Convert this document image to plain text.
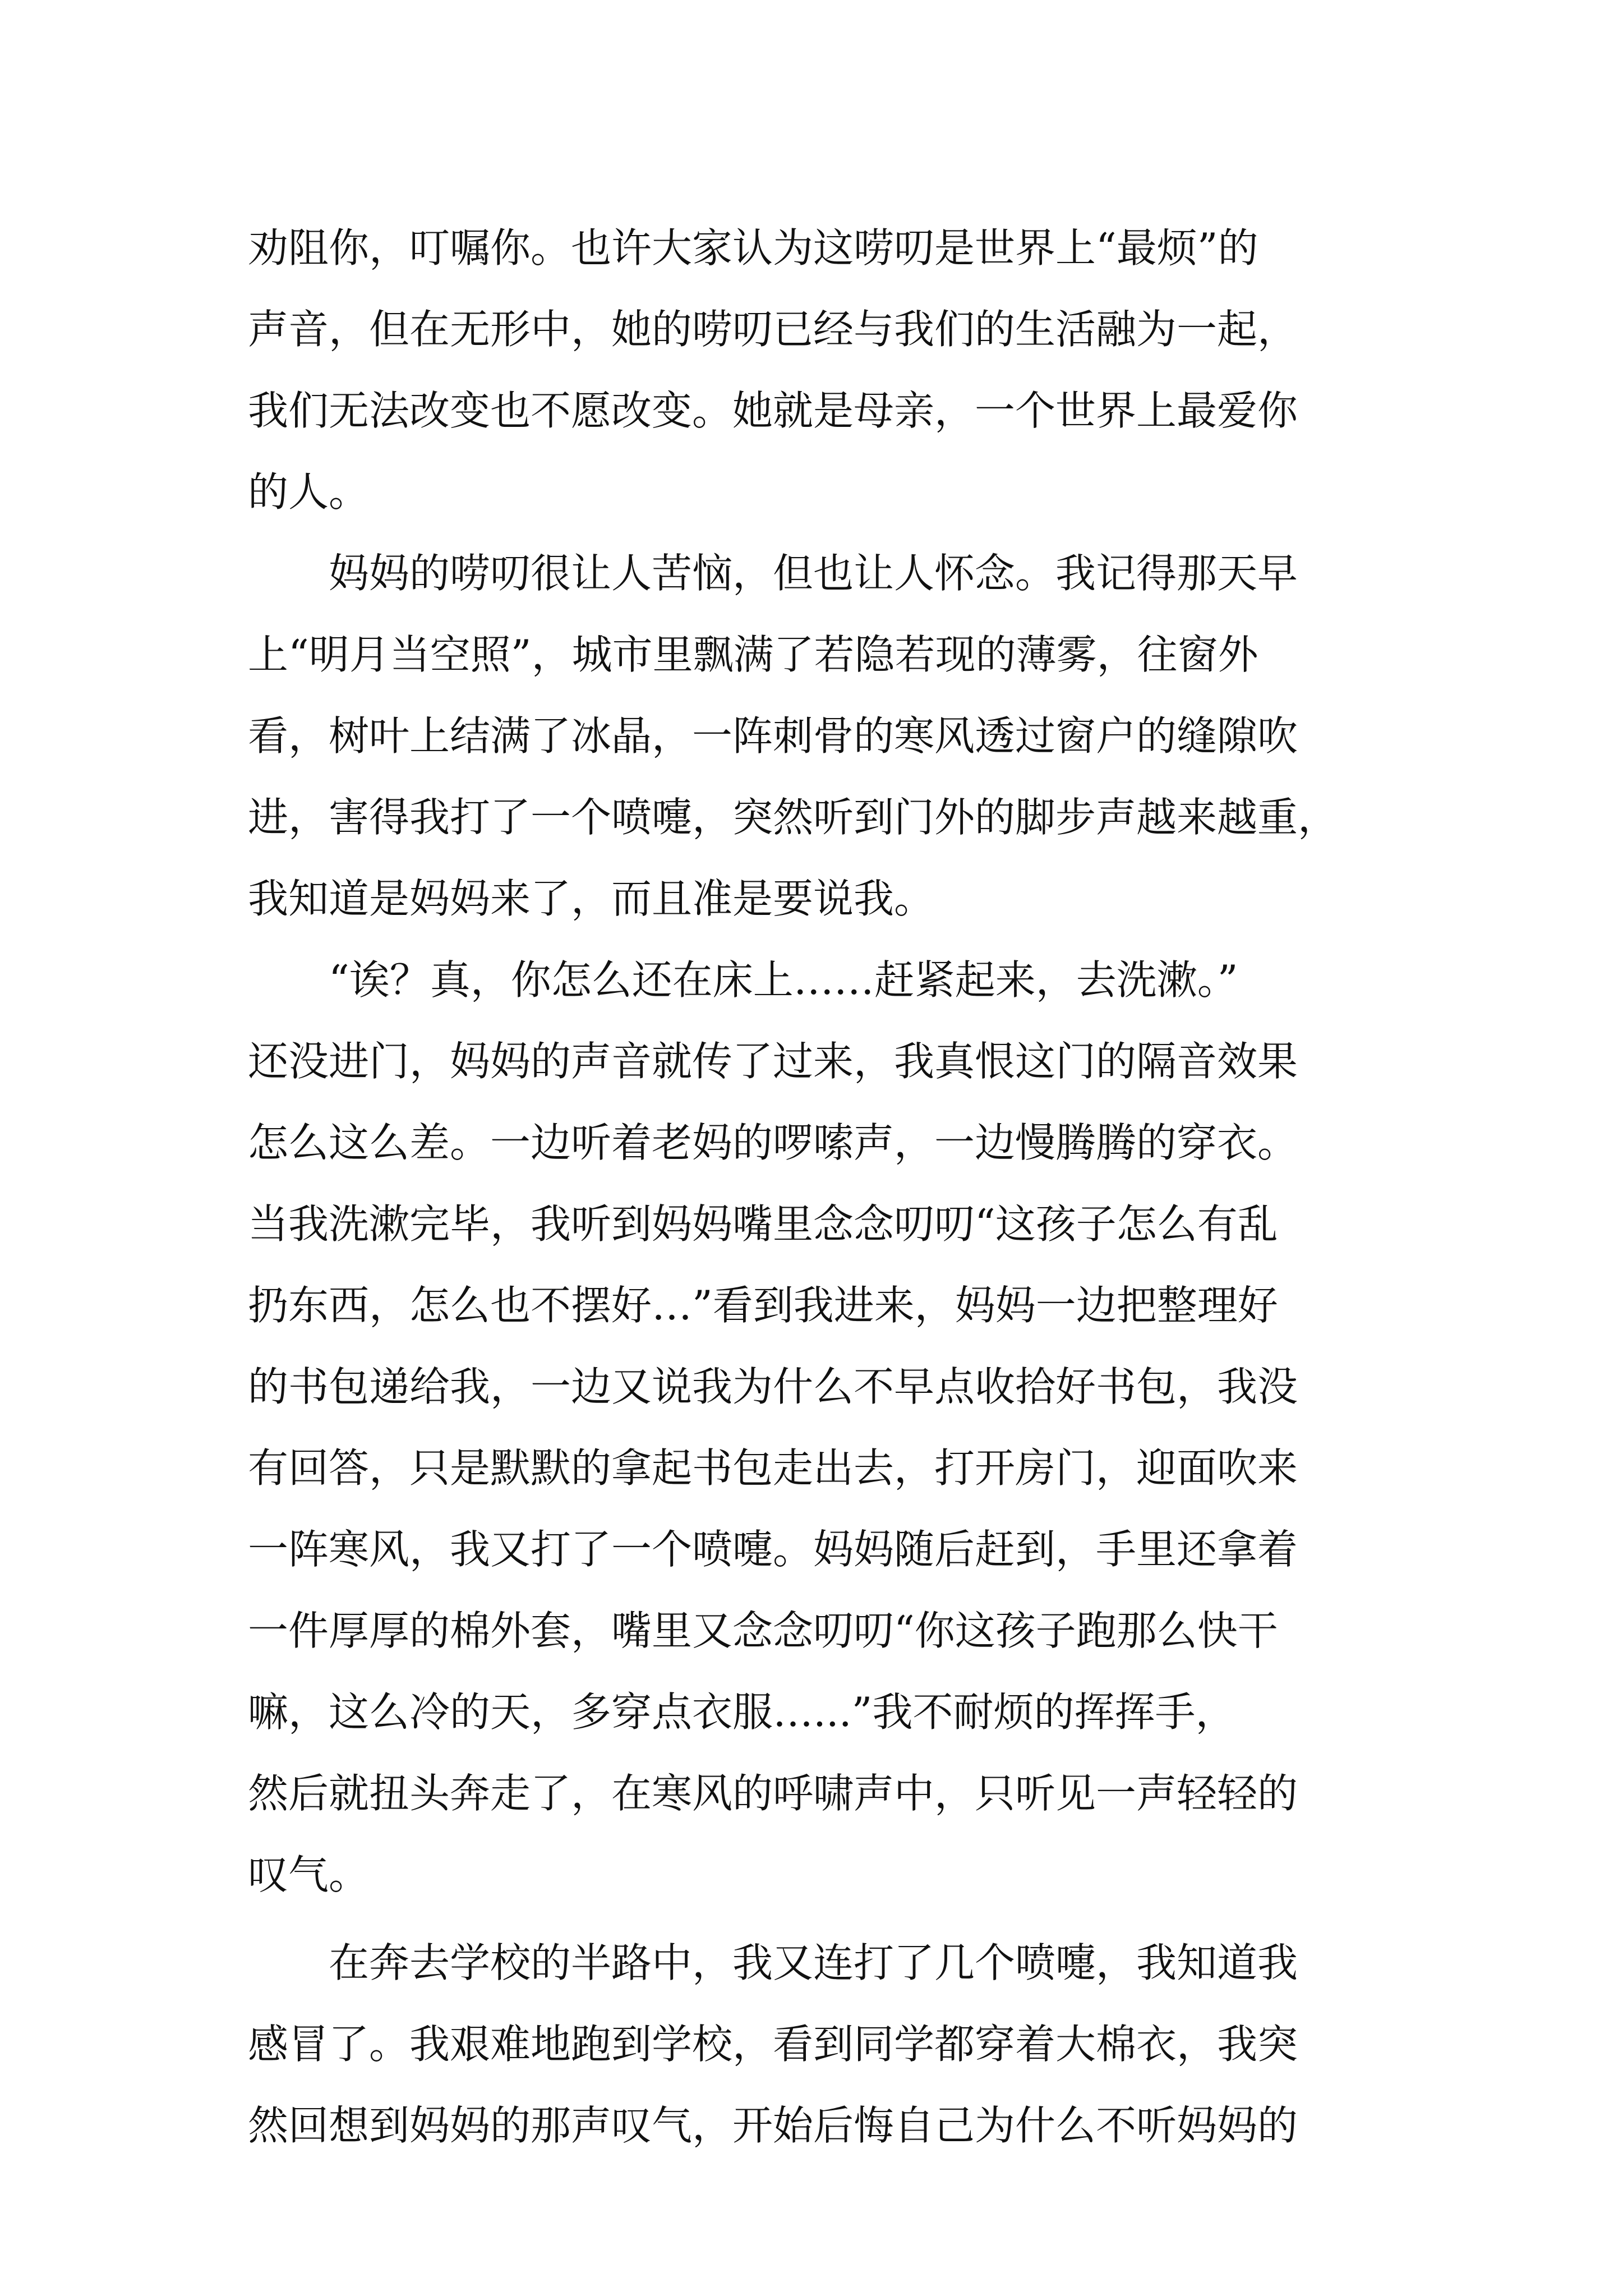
劝阻你，叮嘱你。也许大家认为这唠叨是世界上“最烦”的
声音，但在无形中，她的唠叨已经与我们的生活融为一起，
我们无法改变也不愿改变。她就是母亲，一个世界上最爱你
的人。
　　妈妈的唠叨很让人苦恼，但也让人怀念。我记得那天早
上“明月当空照”，城市里飘满了若隐若现的薄雾，往窗外
看，树叶上结满了冰晶，一阵刺骨的寒风透过窗户的缝隙吹
进，害得我打了一个喷嚏，突然听到门外的脚步声越来越重，
我知道是妈妈来了，而且准是要说我。
　　“诶？真，你怎么还在床上……赶紧起来，去洗漱。”
还没进门，妈妈的声音就传了过来，我真恨这门的隔音效果
怎么这么差。一边听着老妈的啰嗦声，一边慢腾腾的穿衣。
当我洗漱完毕，我听到妈妈嘴里念念叨叨“这孩子怎么有乱
扔东西，怎么也不摆好…”看到我进来，妈妈一边把整理好
的书包递给我，一边又说我为什么不早点收拾好书包，我没
有回答，只是默默的拿起书包走出去，打开房门，迎面吹来
一阵寒风，我又打了一个喷嚏。妈妈随后赶到，手里还拿着
一件厚厚的棉外套，嘴里又念念叨叨“你这孩子跑那么快干
嘛，这么冷的天，多穿点衣服…...”我不耐烦的挥挥手，
然后就扭头奔走了，在寒风的呼啸声中，只听见一声轻轻的
叹气。
　　在奔去学校的半路中，我又连打了几个喷嚏，我知道我
感冒了。我艰难地跑到学校，看到同学都穿着大棉衣，我突
然回想到妈妈的那声叹气，开始后悔自己为什么不听妈妈的
